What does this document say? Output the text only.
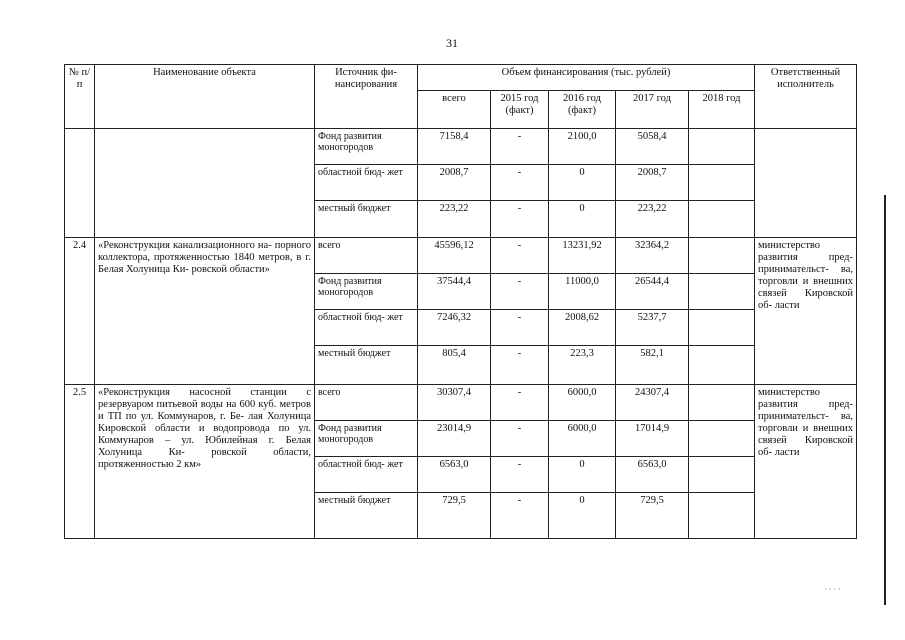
31
№ п/п	Наименование объекта	Источник фи- нансирования	Объем финансирования (тыс. рублей)					Ответственный исполнитель
			всего	2015 год (факт)	2016 год (факт)	2017 год	2018 год	
		Фонд развития моногородов	7158,4	-	2100,0	5058,4		
		областной бюд- жет	2008,7	-	0	2008,7		
		местный бюджет	223,22	-	0	223,22		
2.4	«Реконструкция канализационного на- порного коллектора, протяженностью 1840 метров, в г. Белая Холуница Ки- ровской области»	всего	45596,12	-	13231,92	32364,2		министерство развития пред- принимательст- ва, торговли и внешних связей Кировской об- ласти
		Фонд развития моногородов	37544,4	-	11000,0	26544,4		
		областной бюд- жет	7246,32	-	2008,62	5237,7		
		местный бюджет	805,4	-	223,3	582,1		
2.5	«Реконструкция насосной станции с резервуаром питьевой воды на 600 куб. метров и ТП по ул. Коммунаров, г. Бе- лая Холуница Кировской области и водопровода по ул. Коммунаров – ул. Юбилейная г. Белая Холуница Ки- ровской области, протяженностью 2 км»	всего	30307,4	-	6000,0	24307,4		министерство развития пред- принимательст- ва, торговли и внешних связей Кировской об- ласти
		Фонд развития моногородов	23014,9	-	6000,0	17014,9		
		областной бюд- жет	6563,0	-	0	6563,0		
		местный бюджет	729,5	-	0	729,5		
· · · ·
